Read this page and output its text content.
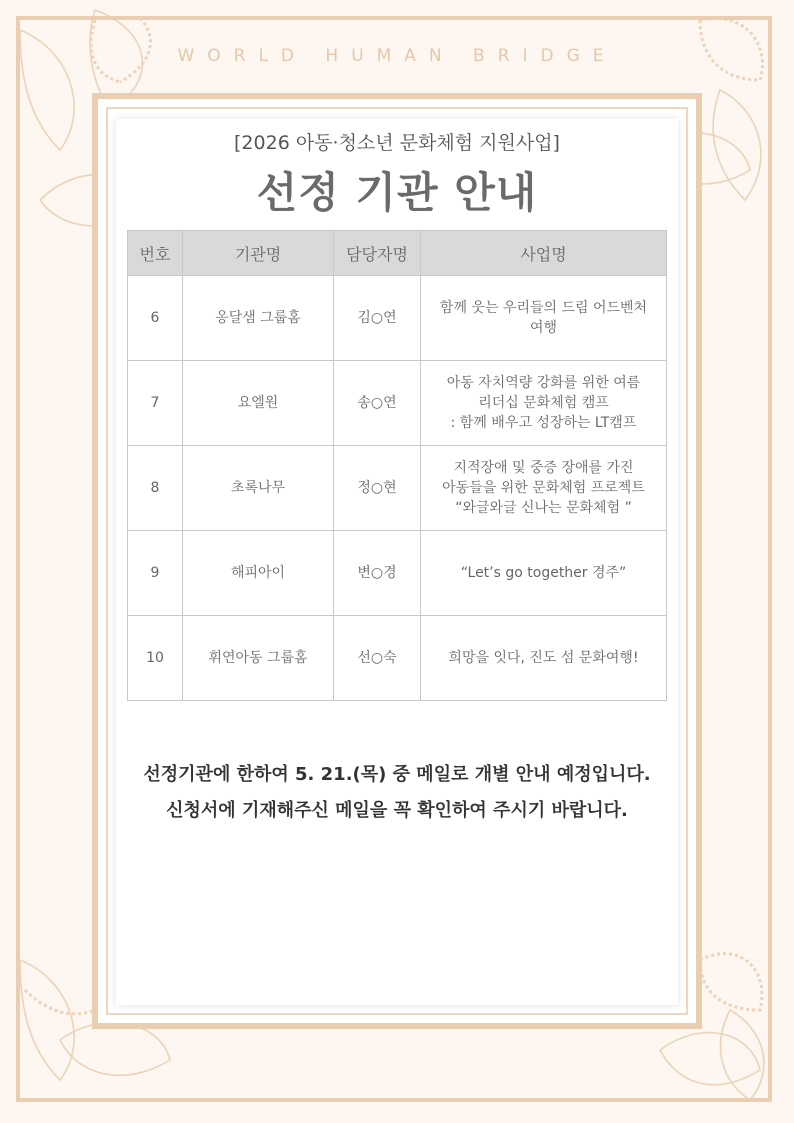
WORLD HUMAN BRIDGE
[2026 아동·청소년 문화체험 지원사업]
선정 기관 안내
번호	기관명	담당자명	사업명
6	옹달샘 그룹홈	김○연	함께 웃는 우리들의 드림 어드벤처
여행
7	요엘원	송○연	아동 자치역량 강화를 위한 여름
리더십 문화체험 캠프
: 함께 배우고 성장하는 LT캠프
8	초록나무	정○현	지적장애 및 중증 장애를 가진
아동들을 위한 문화체험 프로젝트
“와글와글 신나는 문화체험 ”
9	해피아이	변○경	“Let’s go together 경주”
10	휘연아동 그룹홈	선○숙	희망을 잇다, 진도 섬 문화여행!
선정기관에 한하여 5. 21.(목) 중 메일로 개별 안내 예정입니다.
신청서에 기재해주신 메일을 꼭 확인하여 주시기 바랍니다.
